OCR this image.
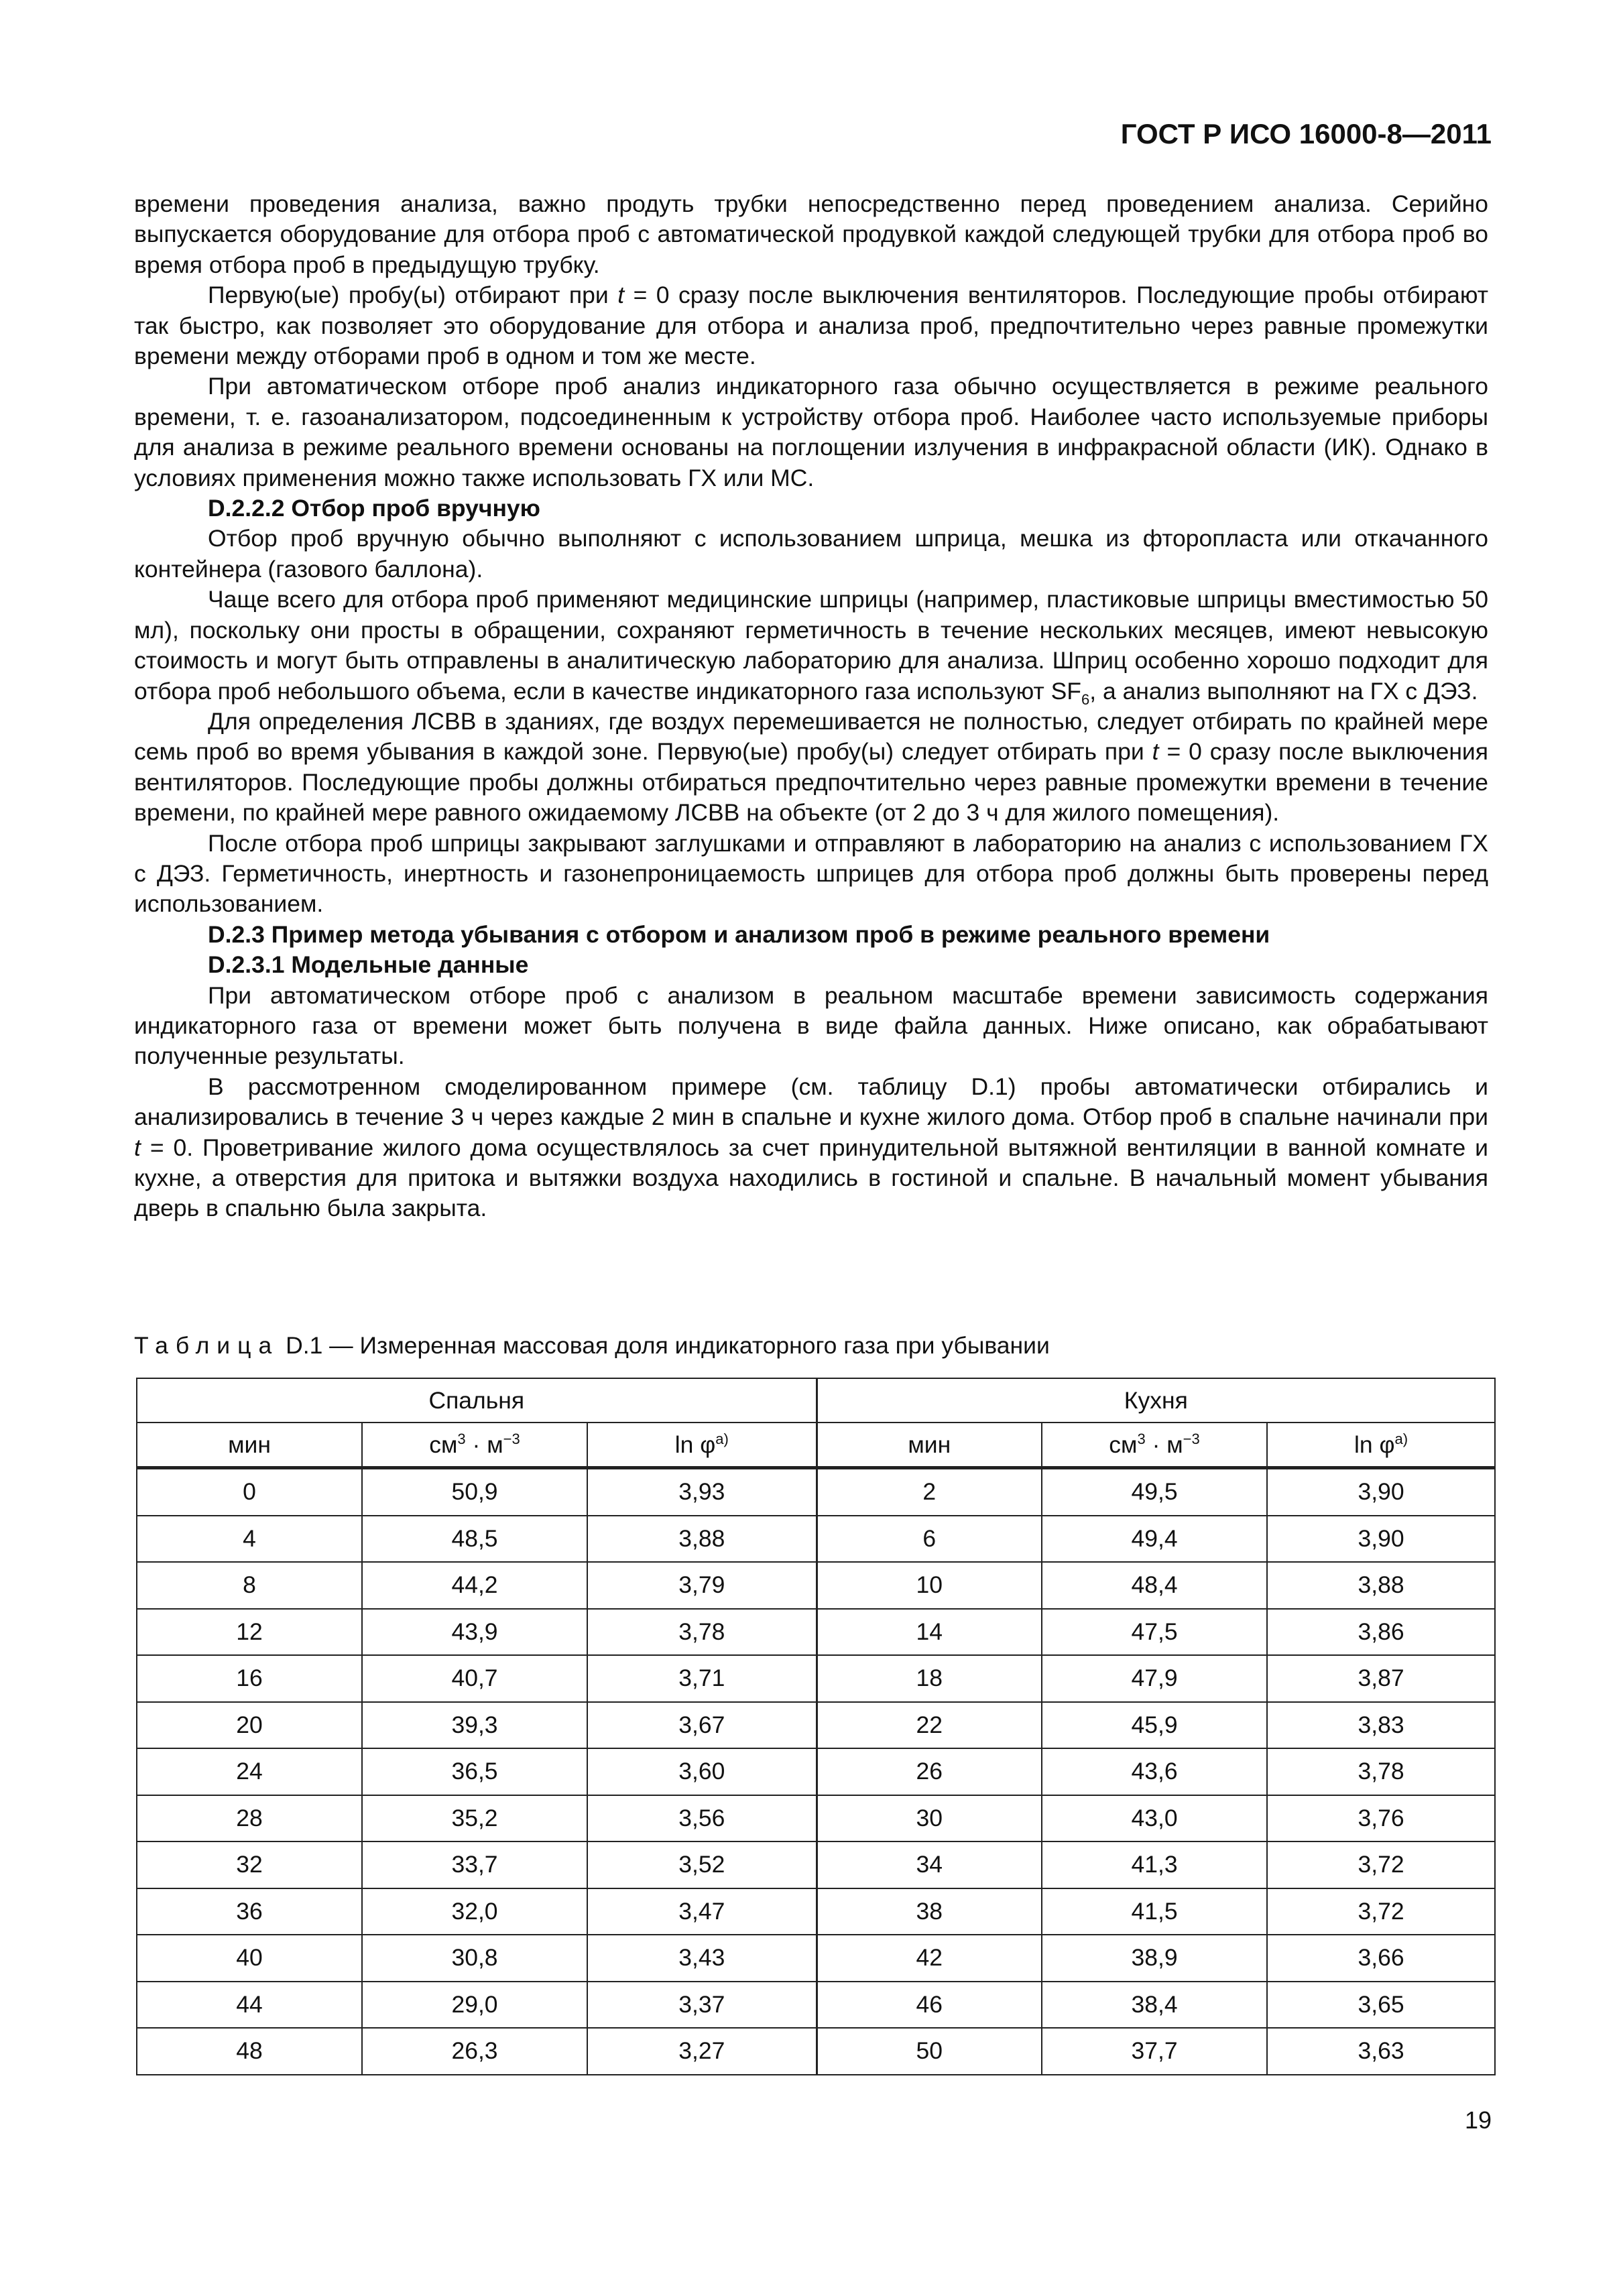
ГОСТ Р ИСО 16000-8—2011

времени проведения анализа, важно продуть трубки непосредственно перед проведением анализа. Серийно выпускается оборудование для отбора проб с автоматической продувкой каждой следующей трубки для отбора проб во время отбора проб в предыдущую трубку.

Первую(ые) пробу(ы) отбирают при t = 0 сразу после выключения вентиляторов. Последующие пробы отбирают так быстро, как позволяет это оборудование для отбора и анализа проб, предпочтительно через равные промежутки времени между отборами проб в одном и том же месте.

При автоматическом отборе проб анализ индикаторного газа обычно осуществляется в режиме реального времени, т. е. газоанализатором, подсоединенным к устройству отбора проб. Наиболее часто используемые приборы для анализа в режиме реального времени основаны на поглощении излучения в инфракрасной области (ИК). Однако в условиях применения можно также использовать ГХ или МС.

D.2.2.2 Отбор проб вручную

Отбор проб вручную обычно выполняют с использованием шприца, мешка из фторопласта или откачанного контейнера (газового баллона).

Чаще всего для отбора проб применяют медицинские шприцы (например, пластиковые шприцы вместимостью 50 мл), поскольку они просты в обращении, сохраняют герметичность в течение нескольких месяцев, имеют невысокую стоимость и могут быть отправлены в аналитическую лабораторию для анализа. Шприц особенно хорошо подходит для отбора проб небольшого объема, если в качестве индикаторного газа используют $SF_6$, а анализ выполняют на ГХ с ДЭЗ.

Для определения ЛСВВ в зданиях, где воздух перемешивается не полностью, следует отбирать по крайней мере семь проб во время убывания в каждой зоне. Первую(ые) пробу(ы) следует отбирать при t = 0 сразу после выключения вентиляторов. Последующие пробы должны отбираться предпочтительно через равные промежутки времени в течение времени, по крайней мере равного ожидаемому ЛСВВ на объекте (от 2 до 3 ч для жилого помещения).

После отбора проб шприцы закрывают заглушками и отправляют в лабораторию на анализ с использованием ГХ с ДЭЗ. Герметичность, инертность и газонепроницаемость шприцев для отбора проб должны быть проверены перед использованием.

D.2.3 Пример метода убывания с отбором и анализом проб в режиме реального времени

D.2.3.1 Модельные данные

При автоматическом отборе проб с анализом в реальном масштабе времени зависимость содержания индикаторного газа от времени может быть получена в виде файла данных. Ниже описано, как обрабатывают полученные результаты.

В рассмотренном смоделированном примере (см. таблицу D.1) пробы автоматически отбирались и анализировались в течение 3 ч через каждые 2 мин в спальне и кухне жилого дома. Отбор проб в спальне начинали при t = 0. Проветривание жилого дома осуществлялось за счет принудительной вытяжной вентиляции в ванной комнате и кухне, а отверстия для притока и вытяжки воздуха находились в гостиной и спальне. В начальный момент убывания дверь в спальню была закрыта.

Таблица D.1 — Измеренная массовая доля индикаторного газа при убывании
Спальня			Кухня		
мин	$см^3 \cdot м^{-3}$	$\ln \varphi^{a)}$	мин	$см^3 \cdot м^{-3}$	$\ln \varphi^{a)}$
0	50,9	3,93	2	49,5	3,90
4	48,5	3,88	6	49,4	3,90
8	44,2	3,79	10	48,4	3,88
12	43,9	3,78	14	47,5	3,86
16	40,7	3,71	18	47,9	3,87
20	39,3	3,67	22	45,9	3,83
24	36,5	3,60	26	43,6	3,78
28	35,2	3,56	30	43,0	3,76
32	33,7	3,52	34	41,3	3,72
36	32,0	3,47	38	41,5	3,72
40	30,8	3,43	42	38,9	3,66
44	29,0	3,37	46	38,4	3,65
48	26,3	3,27	50	37,7	3,63
19
